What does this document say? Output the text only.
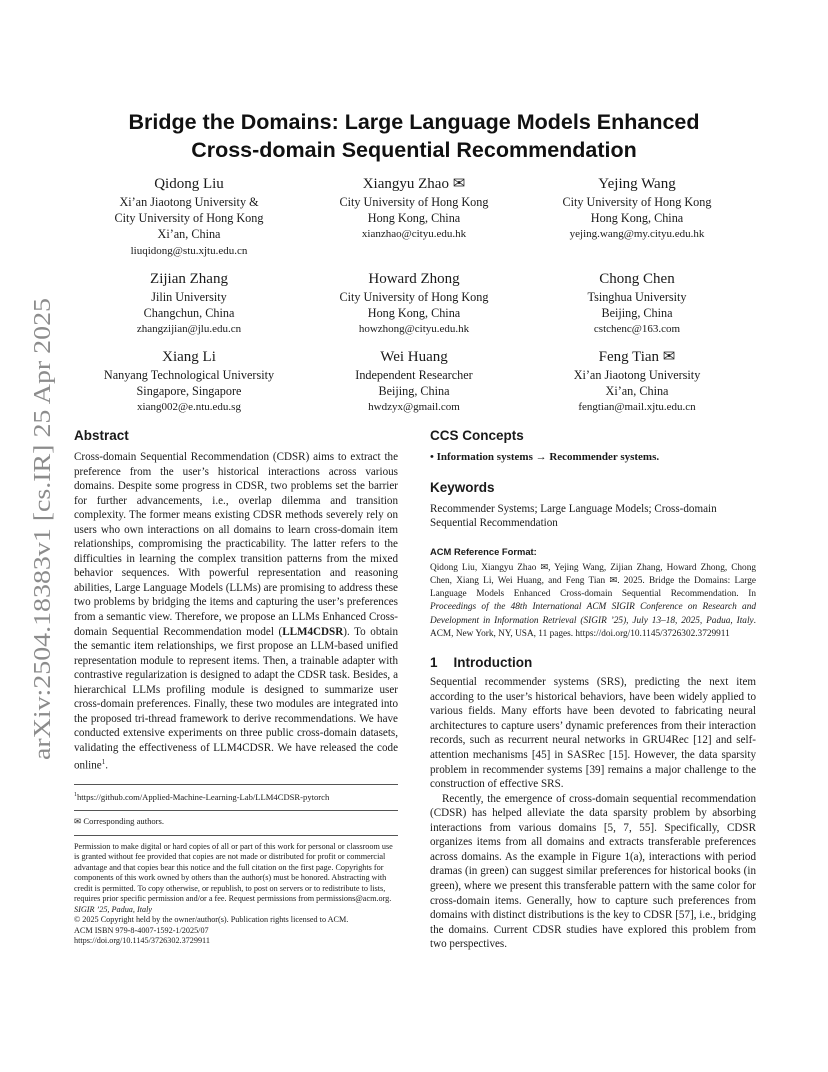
arXiv:2504.18383v1 [cs.IR] 25 Apr 2025
Bridge the Domains: Large Language Models Enhanced
Cross-domain Sequential Recommendation
Qidong Liu
Xi’an Jiaotong University &
City University of Hong Kong
Xi’an, China
liuqidong@stu.xjtu.edu.cn
Xiangyu Zhao ✉
City University of Hong Kong
Hong Kong, China
xianzhao@cityu.edu.hk
Yejing Wang
City University of Hong Kong
Hong Kong, China
yejing.wang@my.cityu.edu.hk
Zijian Zhang
Jilin University
Changchun, China
zhangzijian@jlu.edu.cn
Howard Zhong
City University of Hong Kong
Hong Kong, China
howzhong@cityu.edu.hk
Chong Chen
Tsinghua University
Beijing, China
cstchenc@163.com
Xiang Li
Nanyang Technological University
Singapore, Singapore
xiang002@e.ntu.edu.sg
Wei Huang
Independent Researcher
Beijing, China
hwdzyx@gmail.com
Feng Tian ✉
Xi’an Jiaotong University
Xi’an, China
fengtian@mail.xjtu.edu.cn
Abstract

Cross-domain Sequential Recommendation (CDSR) aims to extract the preference from the user’s historical interactions across various domains. Despite some progress in CDSR, two problems set the barrier for further advancements, i.e., overlap dilemma and transition complexity. The former means existing CDSR methods severely rely on users who own interactions on all domains to learn cross-domain item relationships, compromising the practicability. The latter refers to the difficulties in learning the complex transition patterns from the mixed behavior sequences. With powerful representation and reasoning abilities, Large Language Models (LLMs) are promising to address these two problems by bridging the items and capturing the user’s preferences from a semantic view. Therefore, we propose an LLMs Enhanced Cross-domain Sequential Recommendation model (LLM4CDSR). To obtain the semantic item relationships, we first propose an LLM-based unified representation module to represent items. Then, a trainable adapter with contrastive regularization is designed to adapt the CDSR task. Besides, a hierarchical LLMs profiling module is designed to summarize user cross-domain preferences. Finally, these two modules are integrated into the proposed tri-thread framework to derive recommendations. We have conducted extensive experiments on three public cross-domain datasets, validating the effectiveness of LLM4CDSR. We have released the code online$^1$.

$^1$https://github.com/Applied-Machine-Learning-Lab/LLM4CDSR-pytorch
✉ Corresponding authors.
Permission to make digital or hard copies of all or part of this work for personal or classroom use is granted without fee provided that copies are not made or distributed for profit or commercial advantage and that copies bear this notice and the full citation on the first page. Copyrights for components of this work owned by others than the author(s) must be honored. Abstracting with credit is permitted. To copy otherwise, or republish, to post on servers or to redistribute to lists, requires prior specific permission and/or a fee. Request permissions from permissions@acm.org.
SIGIR ’25, Padua, Italy
© 2025 Copyright held by the owner/author(s). Publication rights licensed to ACM.
ACM ISBN 979-8-4007-1592-1/2025/07
https://doi.org/10.1145/3726302.3729911
CCS Concepts

• Information systems → Recommender systems.

Keywords

Recommender Systems; Large Language Models; Cross-domain Sequential Recommendation

ACM Reference Format:

Qidong Liu, Xiangyu Zhao ✉, Yejing Wang, Zijian Zhang, Howard Zhong, Chong Chen, Xiang Li, Wei Huang, and Feng Tian ✉. 2025. Bridge the Domains: Large Language Models Enhanced Cross-domain Sequential Recommendation. In Proceedings of the 48th International ACM SIGIR Conference on Research and Development in Information Retrieval (SIGIR ’25), July 13–18, 2025, Padua, Italy. ACM, New York, NY, USA, 11 pages. https://doi.org/10.1145/3726302.3729911

1 Introduction

Sequential recommender systems (SRS), predicting the next item according to the user’s historical behaviors, have been widely applied to various fields. Many efforts have been devoted to fabricating neural architectures to capture users’ dynamic preferences from their interaction records, such as recurrent neural networks in GRU4Rec [12] and self-attention mechanisms [45] in SASRec [15]. However, the data sparsity problem in recommender systems [39] remains a major challenge to the construction of effective SRS.

Recently, the emergence of cross-domain sequential recommendation (CDSR) has helped alleviate the data sparsity problem by absorbing interactions from various domains [5, 7, 55]. Specifically, CDSR organizes items from all domains and extracts transferable preferences across domains. As the example in Figure 1(a), interactions with period dramas (in green) can suggest similar preferences for historical books (in green), where we present this transferable pattern with the same color for cross-domain items. Generally, how to capture such preferences from domains with distinct distributions is the key to CDSR [57], i.e., bridging the domains. Current CDSR studies have explored this problem from two perspectives.
